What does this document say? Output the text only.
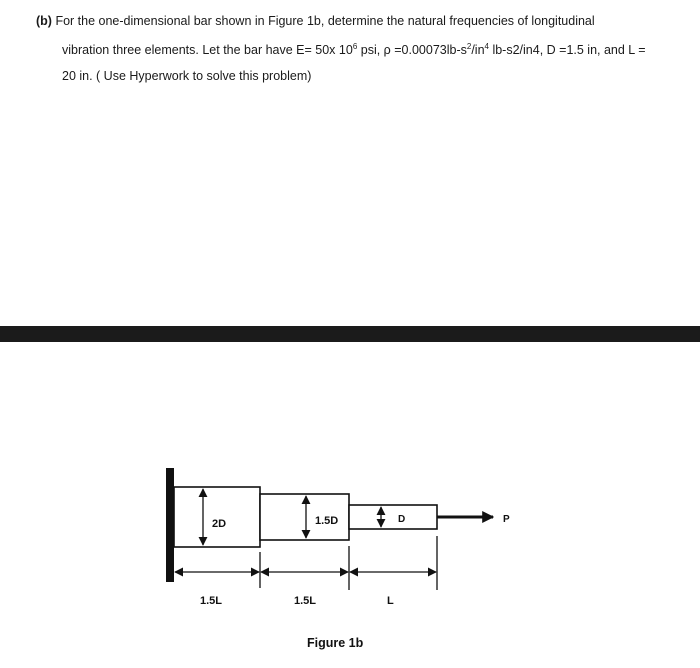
(b) For the one-dimensional bar shown in Figure 1b, determine the natural frequencies of longitudinal
vibration three elements. Let the bar have E= 50x $10^6$ psi, $\rho =0.00073lb-s^2/in^4$ lb-s2/in4, D =1.5 in, and L =
20 in. ( Use Hyperwork to solve this problem)
2D	1.5D	D	P
1.5L	1.5L	L
Figure 1b
